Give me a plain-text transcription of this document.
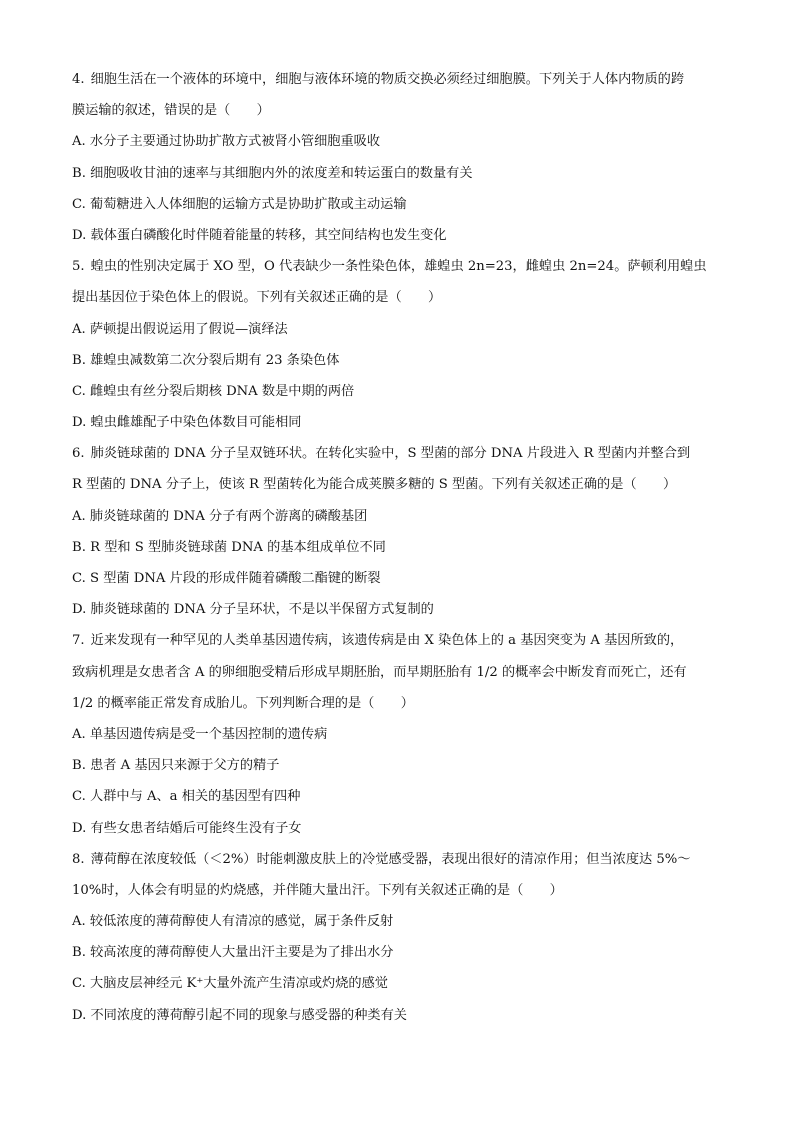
4. 细胞生活在一个液体的环境中，细胞与液体环境的物质交换必须经过细胞膜。下列关于人体内物质的跨
膜运输的叙述，错误的是（　　）
A. 水分子主要通过协助扩散方式被肾小管细胞重吸收
B. 细胞吸收甘油的速率与其细胞内外的浓度差和转运蛋白的数量有关
C. 葡萄糖进入人体细胞的运输方式是协助扩散或主动运输
D. 载体蛋白磷酸化时伴随着能量的转移，其空间结构也发生变化
5. 蝗虫的性别决定属于 XO 型，O 代表缺少一条性染色体，雄蝗虫 2n=23，雌蝗虫 2n=24。萨顿利用蝗虫
提出基因位于染色体上的假说。下列有关叙述正确的是（　　）
A. 萨顿提出假说运用了假说—演绎法
B. 雄蝗虫减数第二次分裂后期有 23 条染色体
C. 雌蝗虫有丝分裂后期核 DNA 数是中期的两倍
D. 蝗虫雌雄配子中染色体数目可能相同
6. 肺炎链球菌的 DNA 分子呈双链环状。在转化实验中，S 型菌的部分 DNA 片段进入 R 型菌内并整合到
R 型菌的 DNA 分子上，使该 R 型菌转化为能合成荚膜多糖的 S 型菌。下列有关叙述正确的是（　　）
A. 肺炎链球菌的 DNA 分子有两个游离的磷酸基团
B. R 型和 S 型肺炎链球菌 DNA 的基本组成单位不同
C. S 型菌 DNA 片段的形成伴随着磷酸二酯键的断裂
D. 肺炎链球菌的 DNA 分子呈环状，不是以半保留方式复制的
7. 近来发现有一种罕见的人类单基因遗传病，该遗传病是由 X 染色体上的 a 基因突变为 A 基因所致的，
致病机理是女患者含 A 的卵细胞受精后形成早期胚胎，而早期胚胎有 1/2 的概率会中断发育而死亡，还有
1/2 的概率能正常发育成胎儿。下列判断合理的是（　　）
A. 单基因遗传病是受一个基因控制的遗传病
B. 患者 A 基因只来源于父方的精子
C. 人群中与 A、a 相关的基因型有四种
D. 有些女患者结婚后可能终生没有子女
8. 薄荷醇在浓度较低（＜2%）时能刺激皮肤上的冷觉感受器，表现出很好的清凉作用；但当浓度达 5%～
10%时，人体会有明显的灼烧感，并伴随大量出汗。下列有关叙述正确的是（　　）
A. 较低浓度的薄荷醇使人有清凉的感觉，属于条件反射
B. 较高浓度的薄荷醇使人大量出汗主要是为了排出水分
C. 大脑皮层神经元 K⁺大量外流产生清凉或灼烧的感觉
D. 不同浓度的薄荷醇引起不同的现象与感受器的种类有关
